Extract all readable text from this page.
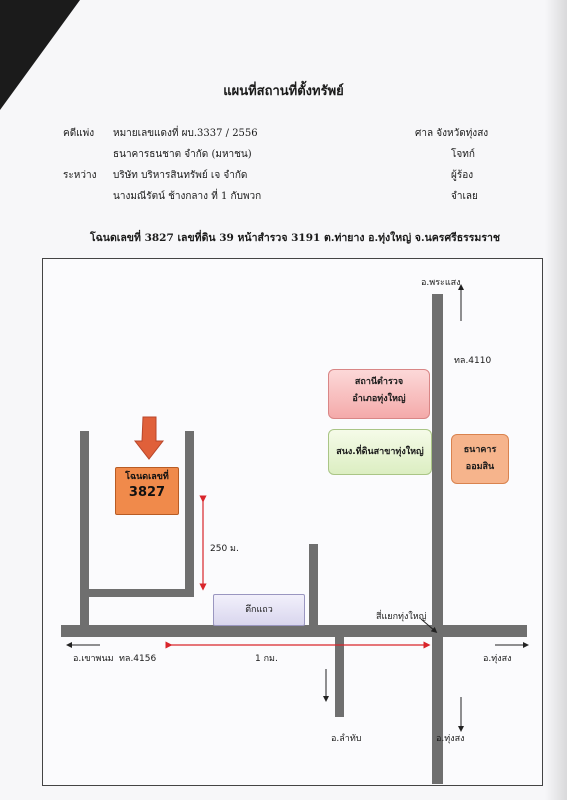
แผนที่สถานที่ตั้งทรัพย์
คดีแพ่ง หมายเลขแดงที่ ผบ.3337 / 2556	ศาล จังหวัดทุ่งสง
ธนาคารธนชาต จำกัด (มหาชน)	โจทก์
ระหว่าง บริษัท บริหารสินทรัพย์ เจ จำกัด	ผู้ร้อง
นางมณีรัตน์ ช้างกลาง ที่ 1 กับพวก	จำเลย
โฉนดเลขที่ 3827 เลขที่ดิน 39 หน้าสำรวจ 3191 ต.ท่ายาง อ.ทุ่งใหญ่ จ.นครศรีธรรมราช
โฉนดเลขที่
3827
สถานีตำรวจ
อำเภอทุ่งใหญ่
สนง.ที่ดินสาขาทุ่งใหญ่	ธนาคาร
ออมสิน
ตึกแถว
อ.พระแสง
ทล.4110
อ.เขาพนม ทล.4156	1 กม.
250 ม.
สี่แยกทุ่งใหญ่
อ.ทุ่งสง
อ.ลำทับ	อ.ทุ่งสง
